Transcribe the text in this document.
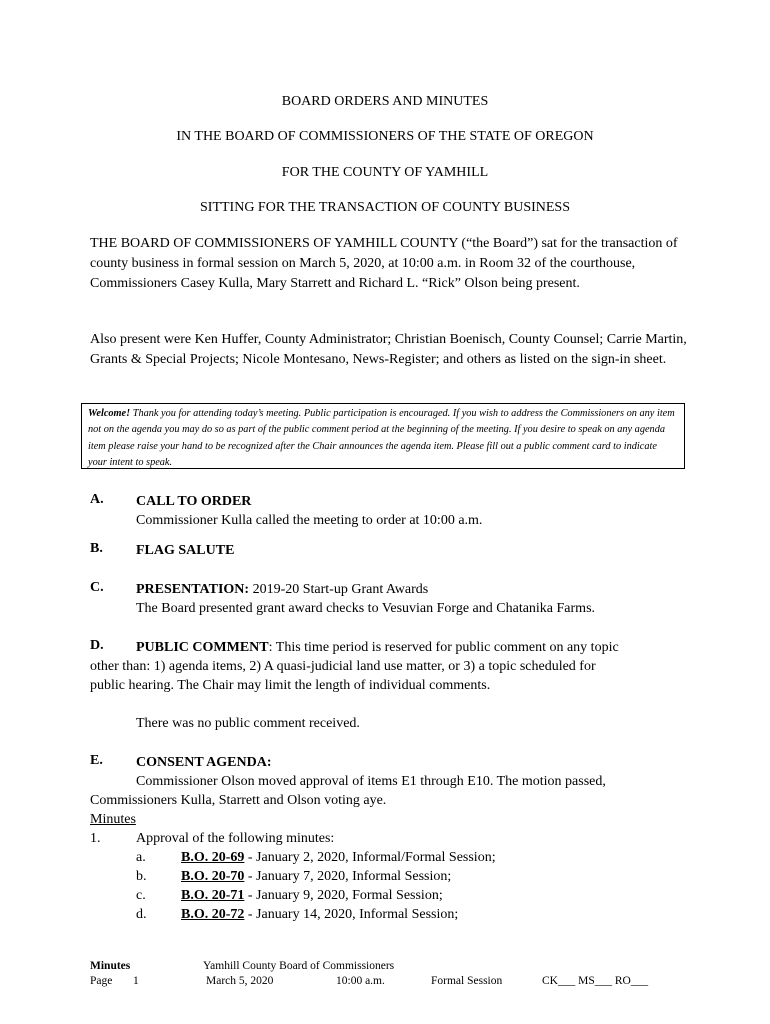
BOARD ORDERS AND MINUTES
IN THE BOARD OF COMMISSIONERS OF THE STATE OF OREGON
FOR THE COUNTY OF YAMHILL
SITTING FOR THE TRANSACTION OF COUNTY BUSINESS
THE BOARD OF COMMISSIONERS OF YAMHILL COUNTY (“the Board”) sat for the transaction of county business in formal session on March 5, 2020, at 10:00 a.m. in Room 32 of the courthouse, Commissioners Casey Kulla, Mary Starrett and Richard L. “Rick” Olson being present.
Also present were Ken Huffer, County Administrator; Christian Boenisch, County Counsel; Carrie Martin, Grants & Special Projects; Nicole Montesano, News-Register; and others as listed on the sign-in sheet.
Welcome! Thank you for attending today’s meeting. Public participation is encouraged. If you wish to address the Commissioners on any item not on the agenda you may do so as part of the public comment period at the beginning of the meeting. If you desire to speak on any agenda item please raise your hand to be recognized after the Chair announces the agenda item. Please fill out a public comment card to indicate your intent to speak.
A. CALL TO ORDER
Commissioner Kulla called the meeting to order at 10:00 a.m.
B. FLAG SALUTE
C. PRESENTATION: 2019-20 Start-up Grant Awards
The Board presented grant award checks to Vesuvian Forge and Chatanika Farms.
D. PUBLIC COMMENT: This time period is reserved for public comment on any topic
other than: 1) agenda items, 2) A quasi-judicial land use matter, or 3) a topic scheduled for
public hearing. The Chair may limit the length of individual comments.
There was no public comment received.
E. CONSENT AGENDA:
Commissioner Olson moved approval of items E1 through E10. The motion passed,
Commissioners Kulla, Starrett and Olson voting aye.
Minutes
1.	Approval of the following minutes:
a.	B.O. 20-69 - January 2, 2020, Informal/Formal Session;
b. B.O. 20-70 - January 7, 2020, Informal Session;
c.	B.O. 20-71 - January 9, 2020, Formal Session;
d. B.O. 20-72 - January 14, 2020, Informal Session;
Minutes
Page 1
Yamhill County Board of Commissioners
March 5, 2020	10:00 a.m.	Formal Session	CK___ MS___ RO___
